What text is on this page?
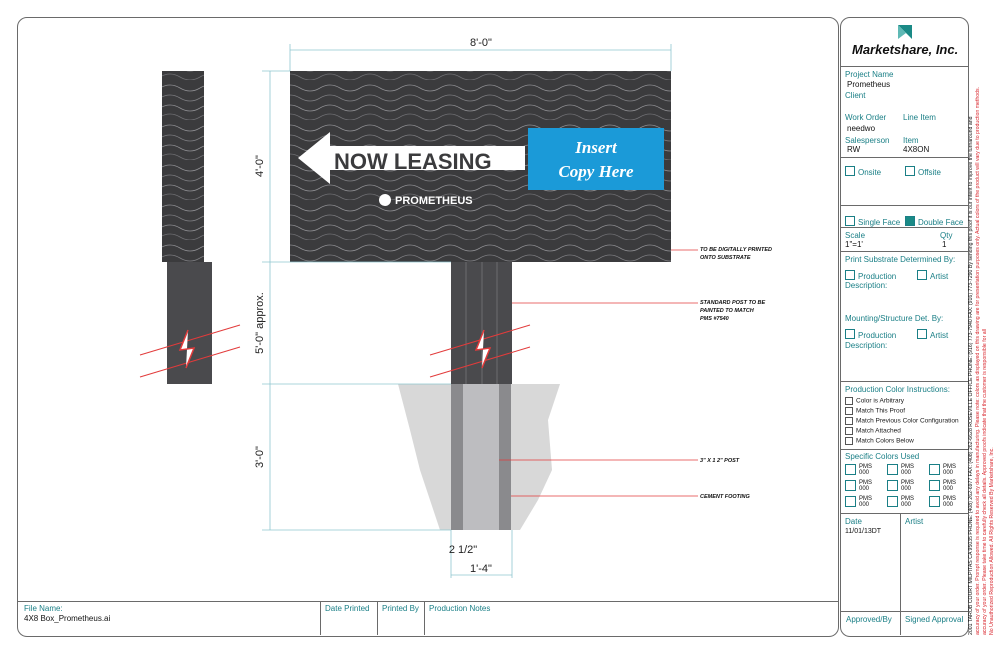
File Name:
4X8 Box_Prometheus.ai
Date Printed Printed By Production Notes
NOW LEASING
Insert
Copy Here
PROMETHEUS
8'-0"
2 1/2"
1'-4"
4'-0"
5'-0" approx.
3'-0"
TO BE DIGITALLY PRINTED
ONTO SUBSTRATE
STANDARD POST TO BE
PAINTED TO MATCH
PMS #7540
3" X 1 2" POST
CEMENT FOOTING
Marketshare, Inc.
Project Name
Prometheus
Client
Work Order
needwo
Line Item
Salesperson
RW
Item
4X8ON
Onsite	Offsite
Single Face	Double Face
Scale
1"=1'
Qty
1
Print Substrate Determined By:
Production	Artist
Description:
Mounting/Structure Det. By:
Production	Artist
Description:
Production Color Instructions:
Color is Arbitrary
Match This Proof
Match Previous Color Configuration
Match Attached
Match Colors Below
Specific Colors Used
PMS
000
PMS
000
PMS
000
PMS
000
PMS
000
PMS
000
PMS
000
PMS
000
PMS
000
Date
11/01/13DT
Artist
Approved/By Signed Approval 2001 TAROB COURT MILPITAS CA 95035 PHONE: (408) 262-6977 FAX: (408) 262-6628 ROSEVILLE OFFICE PHONE: (916) 773-7940 FAX: (916) 773-7290 By sending this proof it is our intent to improve the turnaround and accuracy of your order. Prompt response is required to avoid any delays in manufacturing. Please note: colors as displayed on this drawing are for presentation purposes only. Actual colors of the product will vary due to production methods. accuracy of your order. Please take time to carefully check all details. Approved proofs indicate that the customer is responsible for all No Unauthorized Reproduction Allowed. All Rights Reserved By Marketshare, Inc.
